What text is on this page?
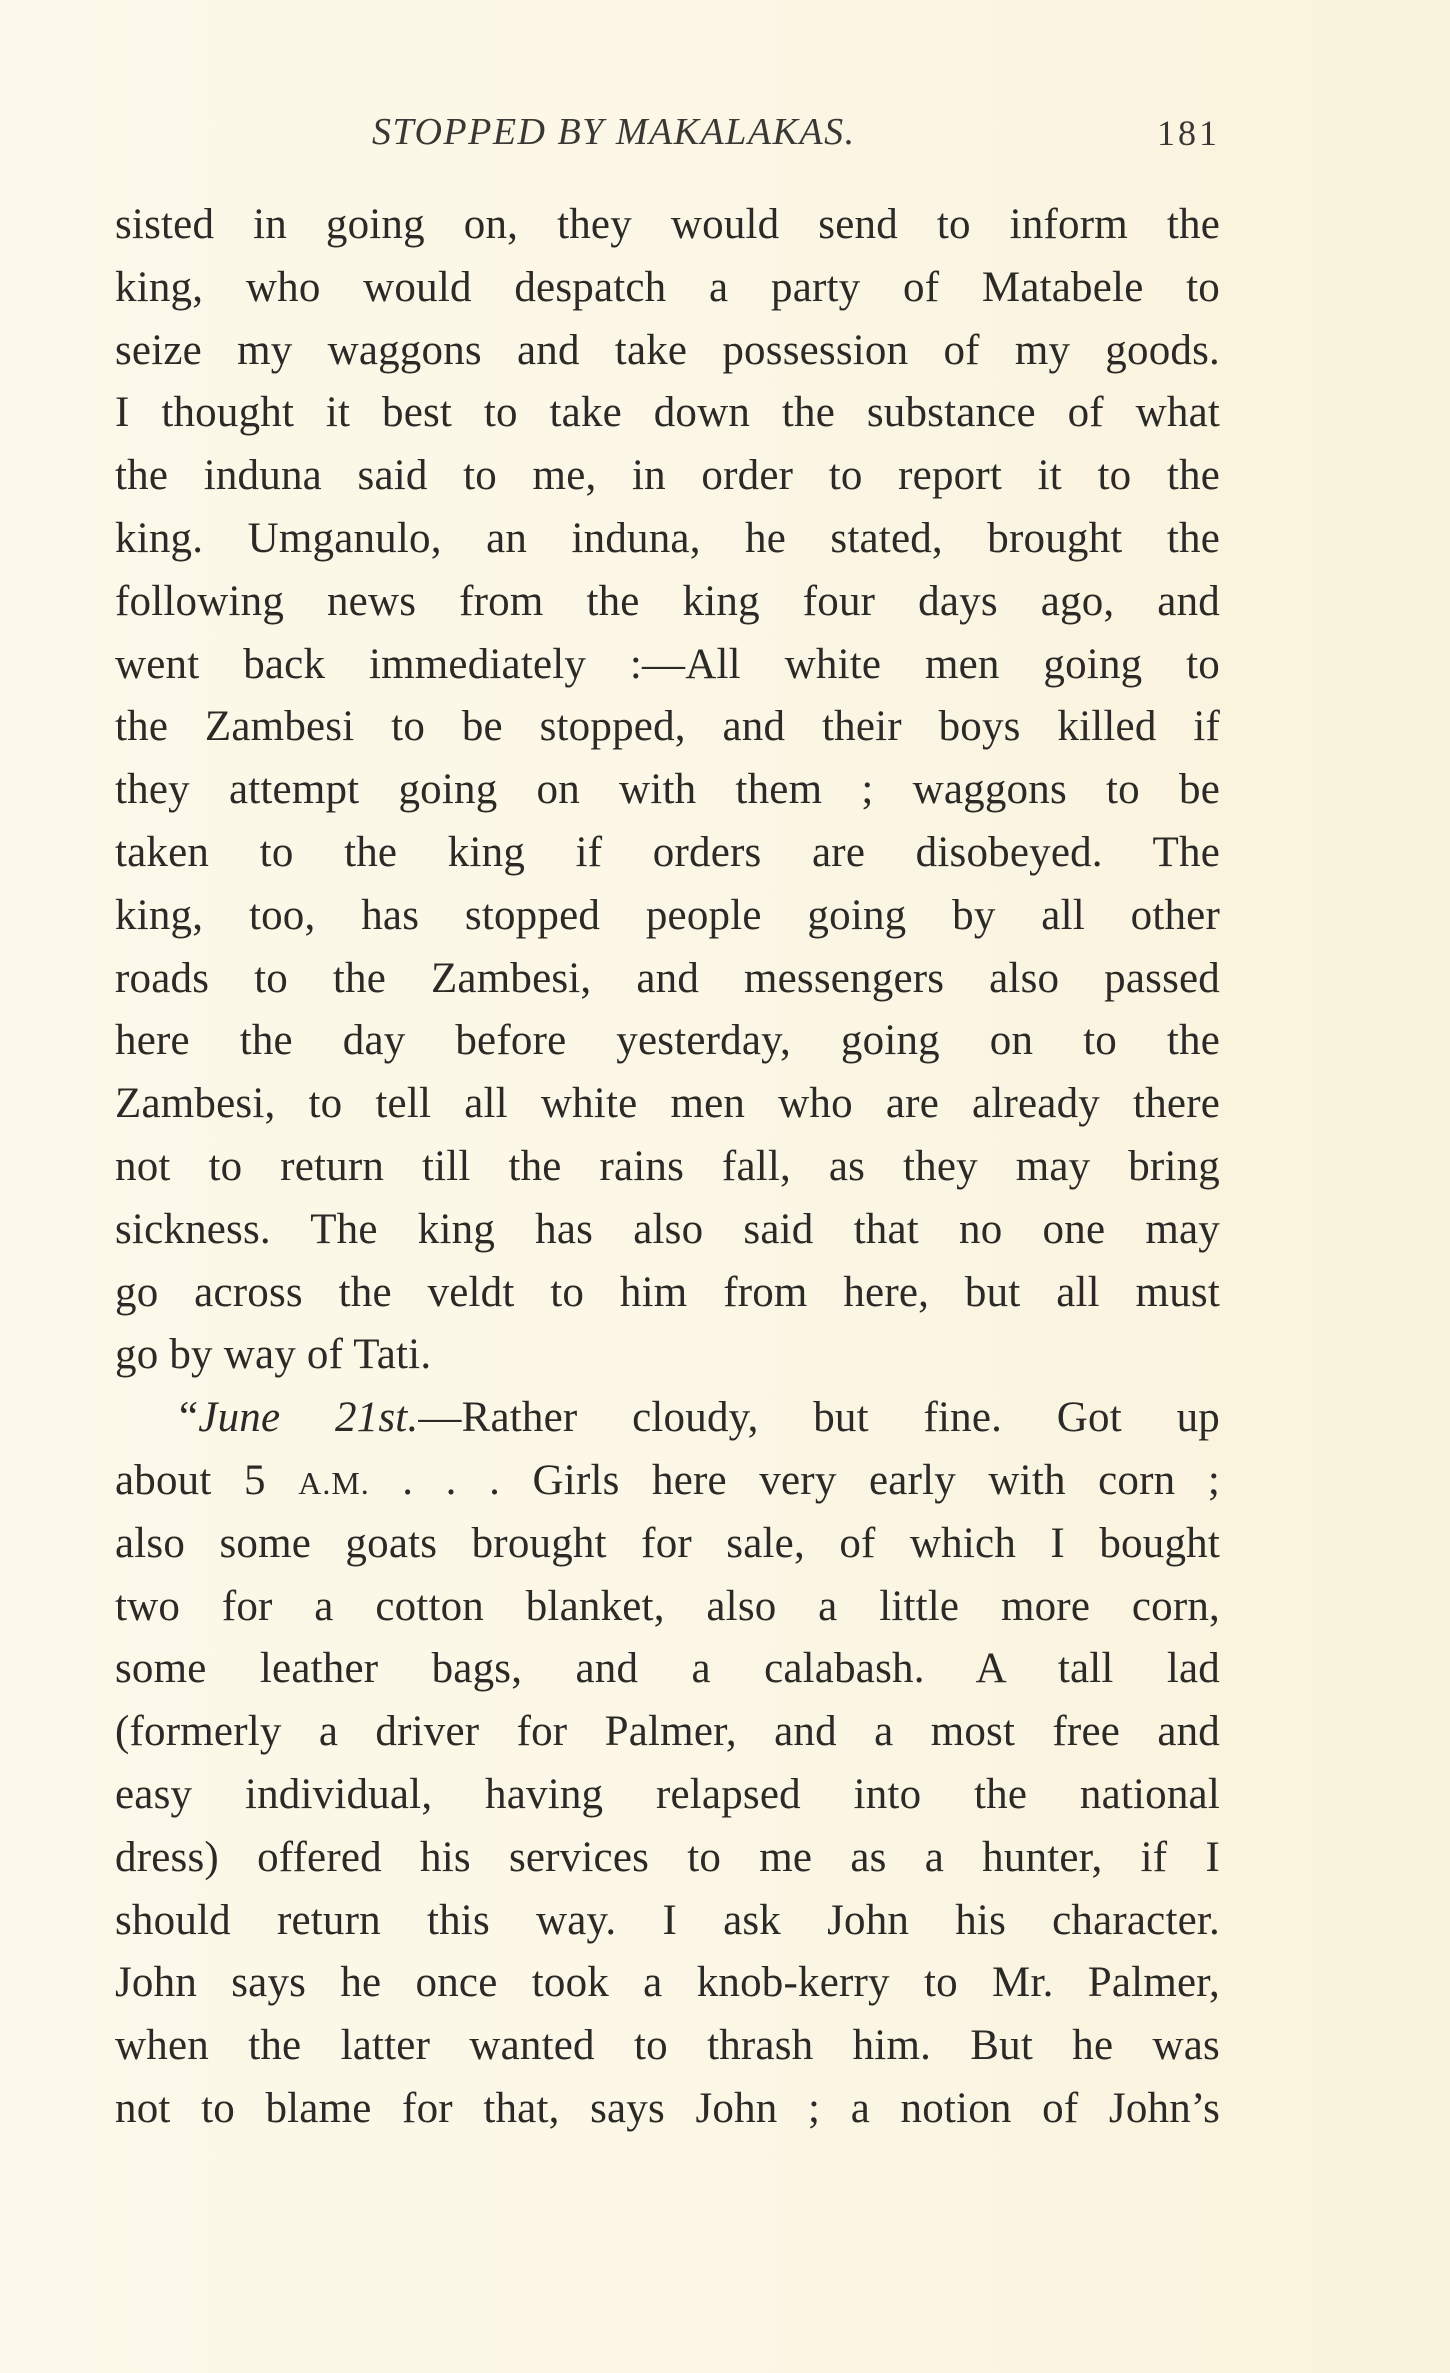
STOPPED BY MAKALAKAS.	181
sisted in going on, they would send to inform the
king, who would despatch a party of Matabele to
seize my waggons and take possession of my goods.
I thought it best to take down the substance of what
the induna said to me, in order to report it to the
king. Umganulo, an induna, he stated, brought the
following news from the king four days ago, and
went back immediately :—All white men going to
the Zambesi to be stopped, and their boys killed if
they attempt going on with them ; waggons to be
taken to the king if orders are disobeyed. The
king, too, has stopped people going by all other
roads to the Zambesi, and messengers also passed
here the day before yesterday, going on to the
Zambesi, to tell all white men who are already there
not to return till the rains fall, as they may bring
sickness. The king has also said that no one may
go across the veldt to him from here, but all must
go by way of Tati.
“June 21st.—Rather cloudy, but fine. Got up
about 5 A.M. . . . Girls here very early with corn ;
also some goats brought for sale, of which I bought
two for a cotton blanket, also a little more corn,
some leather bags, and a calabash. A tall lad
(formerly a driver for Palmer, and a most free and
easy individual, having relapsed into the national
dress) offered his services to me as a hunter, if I
should return this way. I ask John his character.
John says he once took a knob-kerry to Mr. Palmer,
when the latter wanted to thrash him. But he was
not to blame for that, says John ; a notion of John’s
